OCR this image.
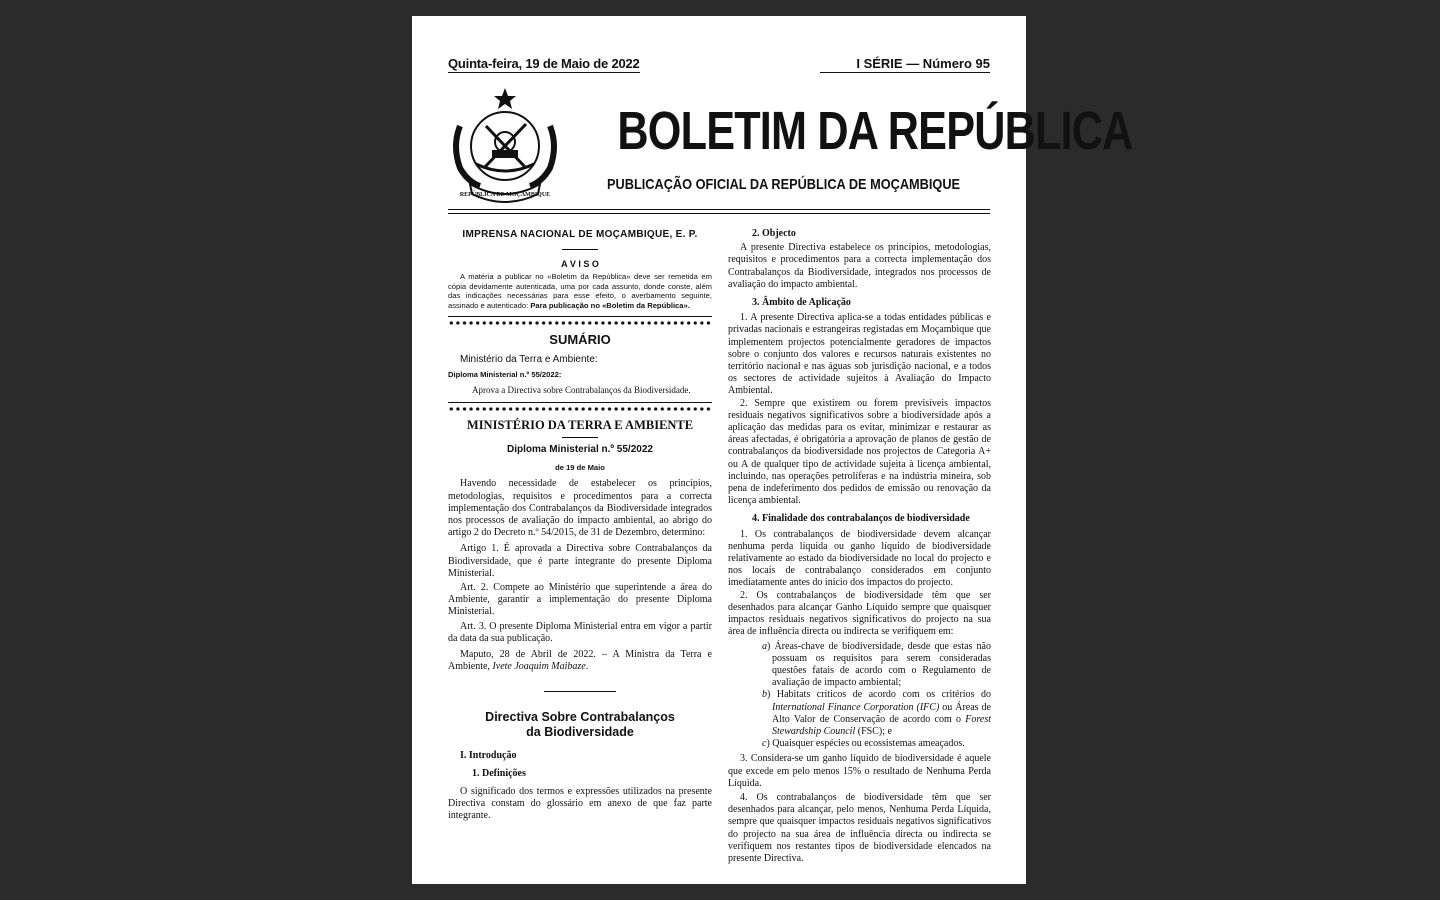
Quinta-feira, 19 de Maio de 2022	I SÉRIE — Número 95
REPÚBLICA DE MOÇAMBIQUE
BOLETIM DA REPÚBLICA
PUBLICAÇÃO OFICIAL DA REPÚBLICA DE MOÇAMBIQUE
IMPRENSA NACIONAL DE MOÇAMBIQUE, E. P.
A V I S O

A matéria a publicar no «Boletim da República» deve ser remetida em cópia devidamente autenticada, uma por cada assunto, donde conste, além das indicações necessárias para esse efeito, o averbamento seguinte, assinado e autenticado: Para publicação no «Boletim da República».

SUMÁRIO
Ministério da Terra e Ambiente:
Diploma Ministerial n.º 55/2022:
Aprova a Directiva sobre Contrabalanços da Biodiversidade.
MINISTÉRIO DA TERRA E AMBIENTE
Diploma Ministerial n.º 55/2022
de 19 de Maio

Havendo necessidade de estabelecer os princípios, metodologias, requisitos e procedimentos para a correcta implementação dos Contrabalanços da Biodiversidade integrados nos processos de avaliação do impacto ambiental, ao abrigo do artigo 2 do Decreto n.º 54/2015, de 31 de Dezembro, determino:

Artigo 1. É aprovada a Directiva sobre Contrabalanços da Biodiversidade, que é parte integrante do presente Diploma Ministerial.

Art. 2. Compete ao Ministério que superintende a área do Ambiente, garantir a implementação do presente Diploma Ministerial.

Art. 3. O presente Diploma Ministerial entra em vigor a partir da data da sua publicação.

Maputo, 28 de Abril de 2022. – A Ministra da Terra e Ambiente, Ivete Joaquim Maibaze.

Directiva Sobre Contrabalanços
da Biodiversidade
I. Introdução
1. Definições

O significado dos termos e expressões utilizados na presente Directiva constam do glossário em anexo de que faz parte integrante.

2. Objecto

A presente Directiva estabelece os princípios, metodologias, requisitos e procedimentos para a correcta implementação dos Contrabalanços da Biodiversidade, integrados nos processos de avaliação do impacto ambiental.

3. Âmbito de Aplicação

1. A presente Directiva aplica-se a todas entidades públicas e privadas nacionais e estrangeiras registadas em Moçambique que implementem projectos potencialmente geradores de impactos sobre o conjunto dos valores e recursos naturais existentes no território nacional e nas águas sob jurisdição nacional, e a todos os sectores de actividade sujeitos à Avaliação do Impacto Ambiental.

2. Sempre que existirem ou forem previsíveis impactos residuais negativos significativos sobre a biodiversidade após a aplicação das medidas para os evitar, minimizar e restaurar as áreas afectadas, é obrigatória a aprovação de planos de gestão de contrabalanços da biodiversidade nos projectos de Categoria A+ ou A de qualquer tipo de actividade sujeita à licença ambiental, incluindo, nas operações petrolíferas e na indústria mineira, sob pena de indeferimento dos pedidos de emissão ou renovação da licença ambiental.

4. Finalidade dos contrabalanços de biodiversidade

1. Os contrabalanços de biodiversidade devem alcançar nenhuma perda líquida ou ganho líquido de biodiversidade relativamente ao estado da biodiversidade no local do projecto e nos locais de contrabalanço considerados em conjunto imediatamente antes do início dos impactos do projecto.

2. Os contrabalanços de biodiversidade têm que ser desenhados para alcançar Ganho Líquido sempre que quaisquer impactos residuais negativos significativos do projecto na sua área de influência directa ou indirecta se verifiquem em:

a) Áreas-chave de biodiversidade, desde que estas não possuam os requisitos para serem consideradas questões fatais de acordo com o Regulamento de avaliação de impacto ambiental;
b) Habitats críticos de acordo com os critérios do International Finance Corporation (IFC) ou Áreas de Alto Valor de Conservação de acordo com o Forest Stewardship Council (FSC); e
c) Quaisquer espécies ou ecossistemas ameaçados.

3. Considera-se um ganho líquido de biodiversidade é aquele que excede em pelo menos 15% o resultado de Nenhuma Perda Líquida.

4. Os contrabalanços de biodiversidade têm que ser desenhados para alcançar, pelo menos, Nenhuma Perda Líquida, sempre que quaisquer impactos residuais negativos significativos do projecto na sua área de influência directa ou indirecta se verifiquem nos restantes tipos de biodiversidade elencados na presente Directiva.
